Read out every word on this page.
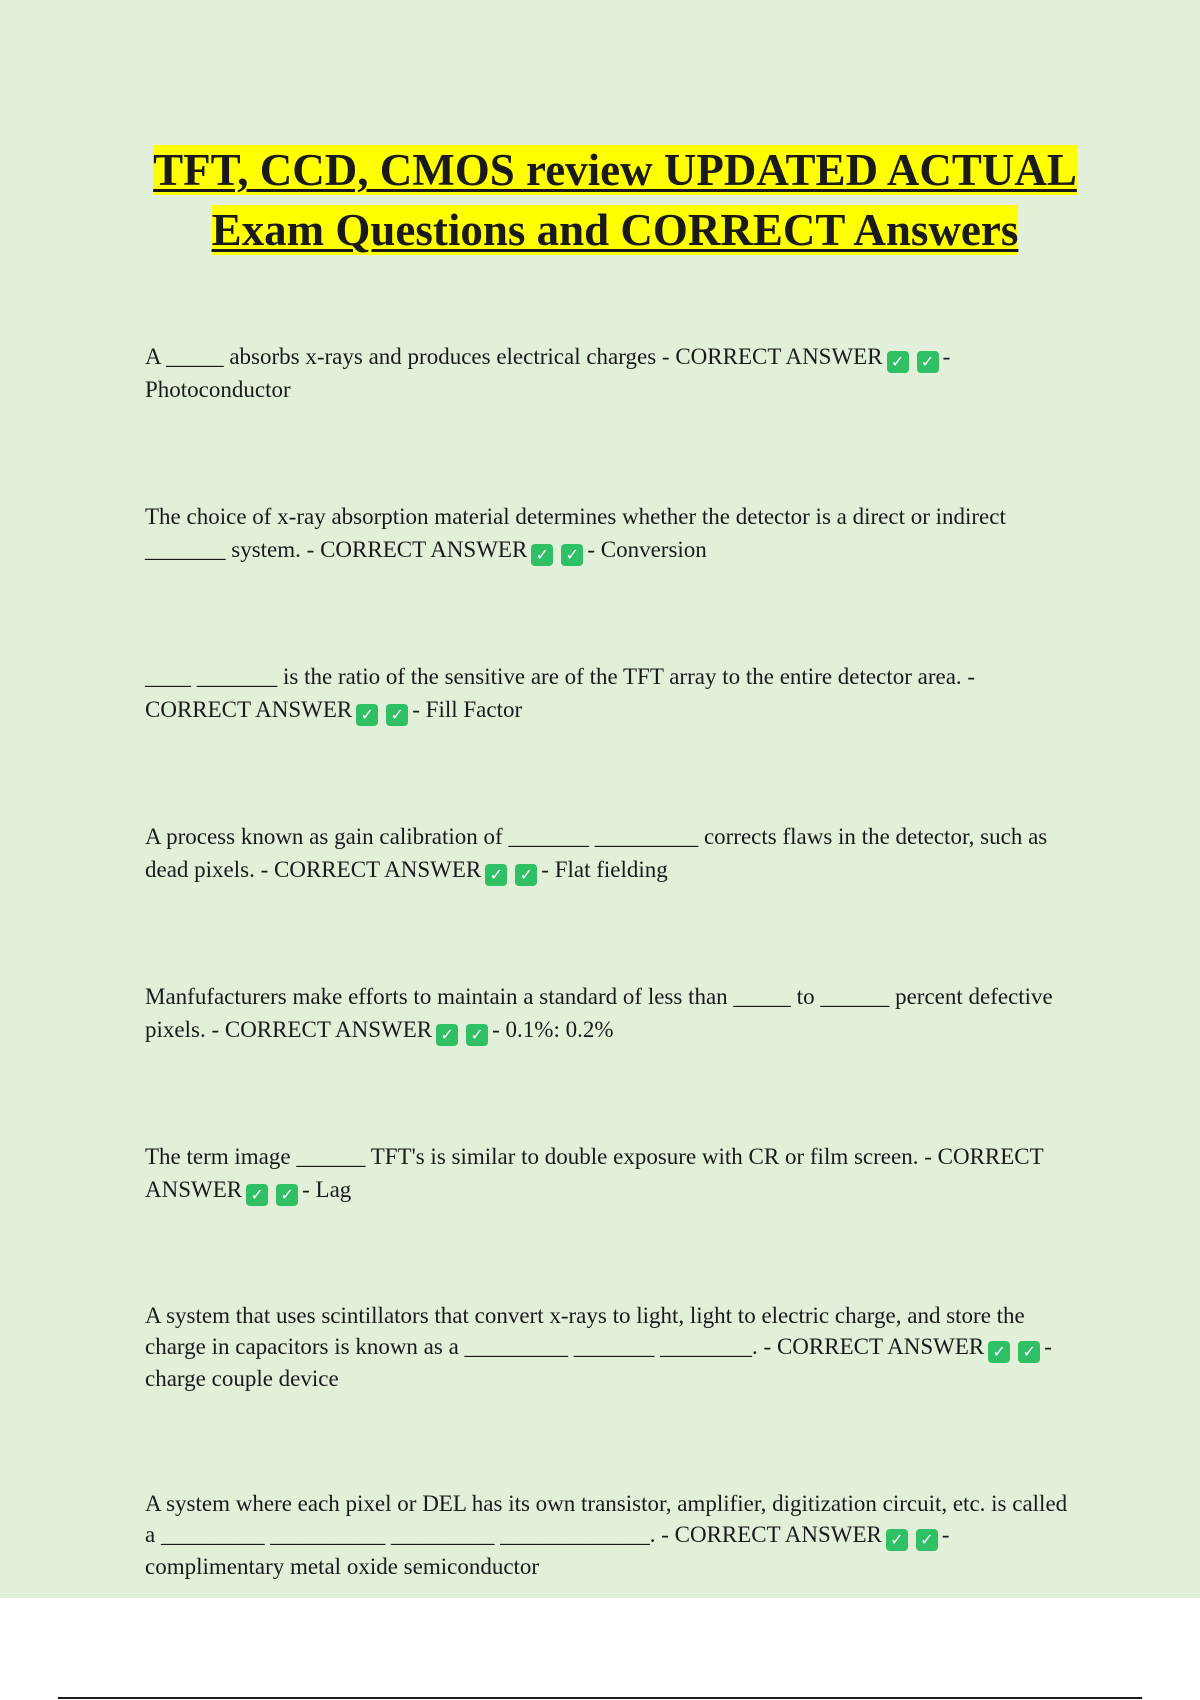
TFT, CCD, CMOS review UPDATED ACTUAL Exam Questions and CORRECT Answers

A _____ absorbs x-rays and produces electrical charges - CORRECT ANSWER ✓ ✓ - Photoconductor

The choice of x-ray absorption material determines whether the detector is a direct or indirect _______ system. - CORRECT ANSWER ✓ ✓ - Conversion

____ _______ is the ratio of the sensitive are of the TFT array to the entire detector area. - CORRECT ANSWER ✓ ✓ - Fill Factor

A process known as gain calibration of _______ _________ corrects flaws in the detector, such as dead pixels. - CORRECT ANSWER ✓ ✓ - Flat fielding

Manfufacturers make efforts to maintain a standard of less than _____ to ______ percent defective pixels. - CORRECT ANSWER ✓ ✓ - 0.1%: 0.2%

The term image ______ TFT's is similar to double exposure with CR or film screen. - CORRECT ANSWER ✓ ✓ - Lag

A system that uses scintillators that convert x-rays to light, light to electric charge, and store the charge in capacitors is known as a _________ _______ ________. - CORRECT ANSWER ✓ ✓ - charge couple device

A system where each pixel or DEL has its own transistor, amplifier, digitization circuit, etc. is called a _________ __________ _________ _____________. - CORRECT ANSWER ✓ ✓ - complimentary metal oxide semiconductor
